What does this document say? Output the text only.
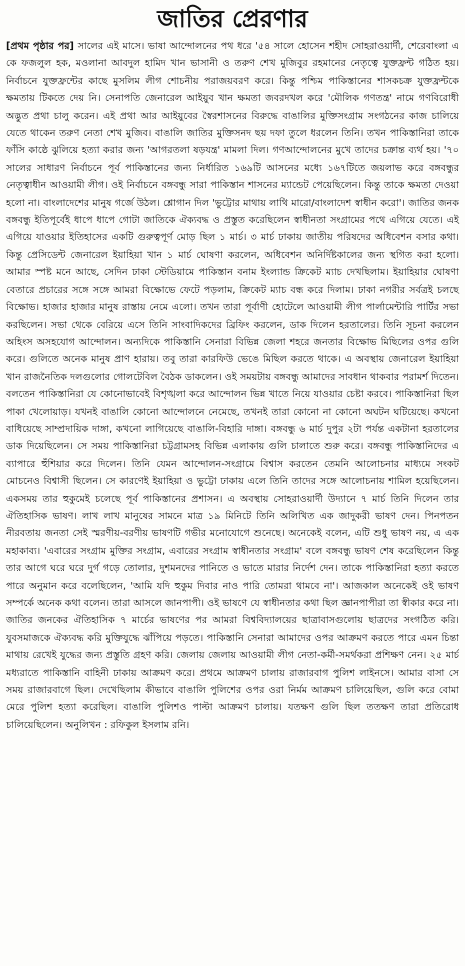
জাতির প্রেরণার

[প্রথম পৃষ্ঠার পর] সালের এই মাসে। ভাষা আন্দোলনের পথ ধরে '৫৪ সালে হোসেন শহীদ সোহরাওয়ার্দী, শেরেবাংলা এ কে ফজলুল হক, মওলানা আবদুল হামিদ খান ভাসানী ও তরুণ শেখ মুজিবুর রহমানের নেতৃত্বে যুক্তফ্রন্ট গঠিত হয়। নির্বাচনে যুক্তফ্রন্টের কাছে মুসলিম লীগ শোচনীয় পরাজয়বরণ করে। কিন্তু পশ্চিম পাকিস্তানের শাসকচক্র যুক্তফ্রন্টকে ক্ষমতায় টিকতে দেয় নি। সেনাপতি জেনারেল আইয়ুব খান ক্ষমতা জবরদখল করে 'মৌলিক গণতন্ত্র' নামে গণবিরোধী অদ্ভুত প্রথা চালু করেন। এই প্রথা আর আইয়ুবের স্বৈরশাসনের বিরুদ্ধে বাঙালির মুক্তিসংগ্রাম সংগঠনের কাজ চালিয়ে যেতে থাকেন তরুণ নেতা শেখ মুজিব। বাঙালি জাতির মুক্তিসনদ ছয় দফা তুলে ধরলেন তিনি। তখন পাকিস্তানিরা তাকে ফাঁসি কাষ্ঠে ঝুলিয়ে হত্যা করার জন্য 'আগরতলা ষড়যন্ত্র' মামলা দিল। গণআন্দোলনের মুখে তাদের চক্রান্ত ব্যর্থ হয়। '৭০ সালের সাধারণ নির্বাচনে পূর্ব পাকিস্তানের জন্য নির্ধারিত ১৬৯টি আসনের মধ্যে ১৬৭টিতে জয়লাভ করে বঙ্গবন্ধুর নেতৃত্বাধীন আওয়ামী লীগ। ওই নির্বাচনে বঙ্গবন্ধু সারা পাকিস্তান শাসনের ম্যান্ডেট পেয়েছিলেন। কিন্তু তাকে ক্ষমতা দেওয়া হলো না। বাংলাদেশের মানুষ গর্জে উঠল। শ্লোগান দিল 'ভুট্টোর মাথায় লাথি মারো/বাংলাদেশ স্বাধীন করো'। জাতির জনক বঙ্গবন্ধু ইতিপূর্বেই ধাপে ধাপে গোটা জাতিকে ঐক্যবদ্ধ ও প্রস্তুত করেছিলেন স্বাধীনতা সংগ্রামের পথে এগিয়ে যেতে। এই এগিয়ে যাওয়ার ইতিহাসের একটি গুরুত্বপূর্ণ মোড় ছিল ১ মার্চ। ৩ মার্চ ঢাকায় জাতীয় পরিষদের অধিবেশন বসার কথা। কিন্তু প্রেসিডেন্ট জেনারেল ইয়াহিয়া খান ১ মার্চ ঘোষণা করলেন, অধিবেশন অনির্দিষ্টকালের জন্য স্থগিত করা হলো। আমার স্পষ্ট মনে আছে, সেদিন ঢাকা স্টেডিয়ামে পাকিস্তান বনাম ইংল্যান্ড ক্রিকেট ম্যাচ দেখছিলাম। ইয়াহিয়ার ঘোষণা বেতারে প্রচারের সঙ্গে সঙ্গে আমরা বিক্ষোভে ফেটে পড়লাম, ক্রিকেট ম্যাচ বন্ধ করে দিলাম। ঢাকা নগরীর সর্বত্রই চলছে বিক্ষোভ। হাজার হাজার মানুষ রাস্তায় নেমে এলো। তখন তারা পূর্বাণী হোটেলে আওয়ামী লীগ পার্লামেন্টারি পার্টির সভা করছিলেন। সভা থেকে বেরিয়ে এসে তিনি সাংবাদিকদের ব্রিফিং করলেন, ডাক দিলেন হরতালের। তিনি সূচনা করলেন অহিংস অসহযোগ আন্দোলন। অন্যদিকে পাকিস্তানি সেনারা বিভিন্ন জেলা শহরে জনতার বিক্ষোভ মিছিলের ওপর গুলি করে। গুলিতে অনেক মানুষ প্রাণ হারায়। তবু তারা কারফিউ ভেঙে মিছিল করতে থাকে। এ অবস্থায় জেনারেল ইয়াহিয়া খান রাজনৈতিক দলগুলোর গোলটেবিল বৈঠক ডাকলেন। ওই সময়টায় বঙ্গবন্ধু আমাদের সাবধান থাকবার পরামর্শ দিতেন। বলতেন পাকিস্তানিরা যে কোনোভাবেই বিশৃঙ্খলা করে আন্দোলন ভিন্ন খাতে নিয়ে যাওয়ার চেষ্টা করবে। পাকিস্তানিরা ছিল পাকা খেলোয়াড়। যখনই বাঙালি কোনো আন্দোলনে নেমেছে, তখনই তারা কোনো না কোনো অঘটন ঘটিয়েছে। কখনো বাধিয়েছে সাম্প্রদায়িক দাঙ্গা, কখনো লাগিয়েছে বাঙালি-বিহারি দাঙ্গা। বঙ্গবন্ধু ৬ মার্চ দুপুর ২টা পর্যন্ত একটানা হরতালের ডাক দিয়েছিলেন। সে সময় পাকিস্তানিরা চট্টগ্রামসহ বিভিন্ন এলাকায় গুলি চালাতে শুরু করে। বঙ্গবন্ধু পাকিস্তানিদের এ ব্যাপারে হুঁশিয়ার করে দিলেন। তিনি যেমন আন্দোলন-সংগ্রামে বিশ্বাস করতেন তেমনি আলোচনার মাধ্যমে সংকট মোচনেও বিশ্বাসী ছিলেন। সে কারণেই ইয়াহিয়া ও ভুট্টো ঢাকায় এলে তিনি তাদের সঙ্গে আলোচনায় শামিল হয়েছিলেন। একসময় তার হুকুমেই চলেছে পূর্ব পাকিস্তানের প্রশাসন। এ অবস্থায় সোহরাওয়ার্দী উদ্যানে ৭ মার্চ তিনি দিলেন তার ঐতিহাসিক ভাষণ। লাখ লাখ মানুষের সামনে মাত্র ১৯ মিনিটে তিনি অলিখিত এক জাদুকরী ভাষণ দেন। পিনপতন নীরবতায় জনতা সেই স্মরণীয়-বরণীয় ভাষণটি গভীর মনোযোগে শুনেছে। অনেকেই বলেন, এটি শুধু ভাষণ নয়, এ এক মহাকাব্য। 'এবারের সংগ্রাম মুক্তির সংগ্রাম, এবারের সংগ্রাম স্বাধীনতার সংগ্রাম' বলে বঙ্গবন্ধু ভাষণ শেষ করেছিলেন কিন্তু তার আগে ঘরে ঘরে দুর্গ গড়ে তোলার, দুশমনদের পানিতে ও ভাতে মারার নির্দেশ দেন। তাকে পাকিস্তানিরা হত্যা করতে পারে অনুমান করে বলেছিলেন, 'আমি যদি হুকুম দিবার নাও পারি তোমরা থামবে না'। আজকাল অনেকেই ওই ভাষণ সম্পর্কে অনেক কথা বলেন। তারা আসলে জানপাপী। ওই ভাষণে যে স্বাধীনতার কথা ছিল জ্ঞানপাপীরা তা স্বীকার করে না। জাতির জনকের ঐতিহাসিক ৭ মার্চের ভাষণের পর আমরা বিশ্ববিদ্যালয়ের ছাত্রাবাসগুলোয় ছাত্রদের সংগঠিত করি। যুবসমাজকে ঐক্যবদ্ধ করি মুক্তিযুদ্ধে ঝাঁপিয়ে পড়তে। পাকিস্তানি সেনারা আমাদের ওপর আক্রমণ করতে পারে এমন চিন্তা মাথায় রেখেই যুদ্ধের জন্য প্রস্তুতি গ্রহণ করি। জেলায় জেলায় আওয়ামী লীগ নেতা-কর্মী-সমর্থকরা প্রশিক্ষণ নেন। ২৫ মার্চ মধ্যরাতে পাকিস্তানি বাহিনী ঢাকায় আক্রমণ করে। প্রথমে আক্রমণ চালায় রাজারবাগ পুলিশ লাইনসে। আমার বাসা সে সময় রাজারবাগে ছিল। দেখেছিলাম কীভাবে বাঙালি পুলিশের ওপর ওরা নির্মম আক্রমণ চালিয়েছিল, গুলি করে বোমা মেরে পুলিশ হত্যা করেছিল। বাঙালি পুলিশও পাল্টা আক্রমণ চালায়। যতক্ষণ গুলি ছিল ততক্ষণ তারা প্রতিরোধ চালিয়েছিলেন। অনুলিখন : রফিকুল ইসলাম রনি।
